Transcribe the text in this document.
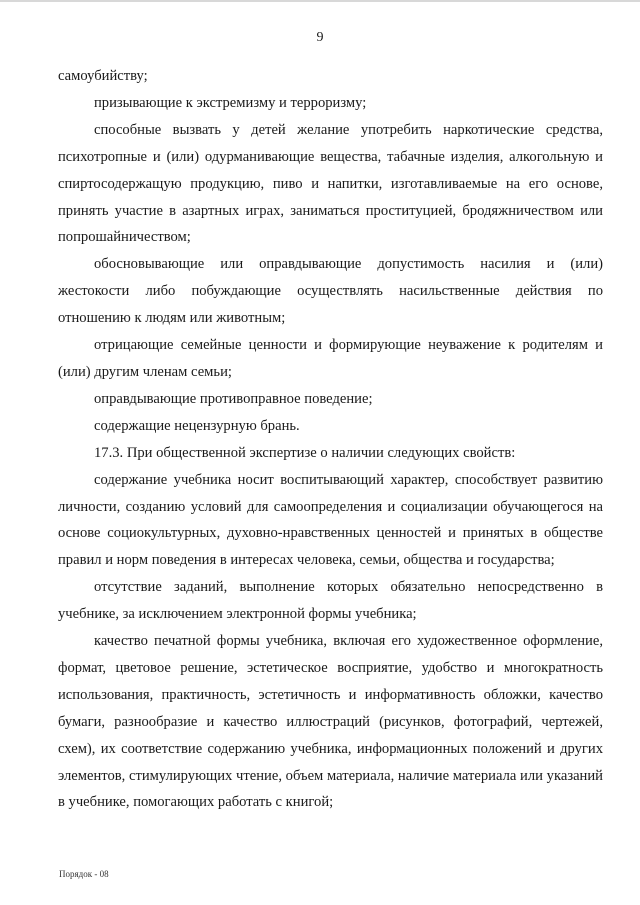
9

самоубийству;

призывающие к экстремизму и терроризму;

способные вызвать у детей желание употребить наркотические средства, психотропные и (или) одурманивающие вещества, табачные изделия, алкогольную и спиртосодержащую продукцию, пиво и напитки, изготавливаемые на его основе, принять участие в азартных играх, заниматься проституцией, бродяжничеством или попрошайничеством;

обосновывающие или оправдывающие допустимость насилия и (или) жестокости либо побуждающие осуществлять насильственные действия по отношению к людям или животным;

отрицающие семейные ценности и формирующие неуважение к родителям и (или) другим членам семьи;

оправдывающие противоправное поведение;

содержащие нецензурную брань.

17.3. При общественной экспертизе о наличии следующих свойств:

содержание учебника носит воспитывающий характер, способствует развитию личности, созданию условий для самоопределения и социализации обучающегося на основе социокультурных, духовно-нравственных ценностей и принятых в обществе правил и норм поведения в интересах человека, семьи, общества и государства;

отсутствие заданий, выполнение которых обязательно непосредственно в учебнике, за исключением электронной формы учебника;

качество печатной формы учебника, включая его художественное оформление, формат, цветовое решение, эстетическое восприятие, удобство и многократность использования, практичность, эстетичность и информативность обложки, качество бумаги, разнообразие и качество иллюстраций (рисунков, фотографий, чертежей, схем), их соответствие содержанию учебника, информационных положений и других элементов, стимулирующих чтение, объем материала, наличие материала или указаний в учебнике, помогающих работать с книгой;

Порядок - 08
